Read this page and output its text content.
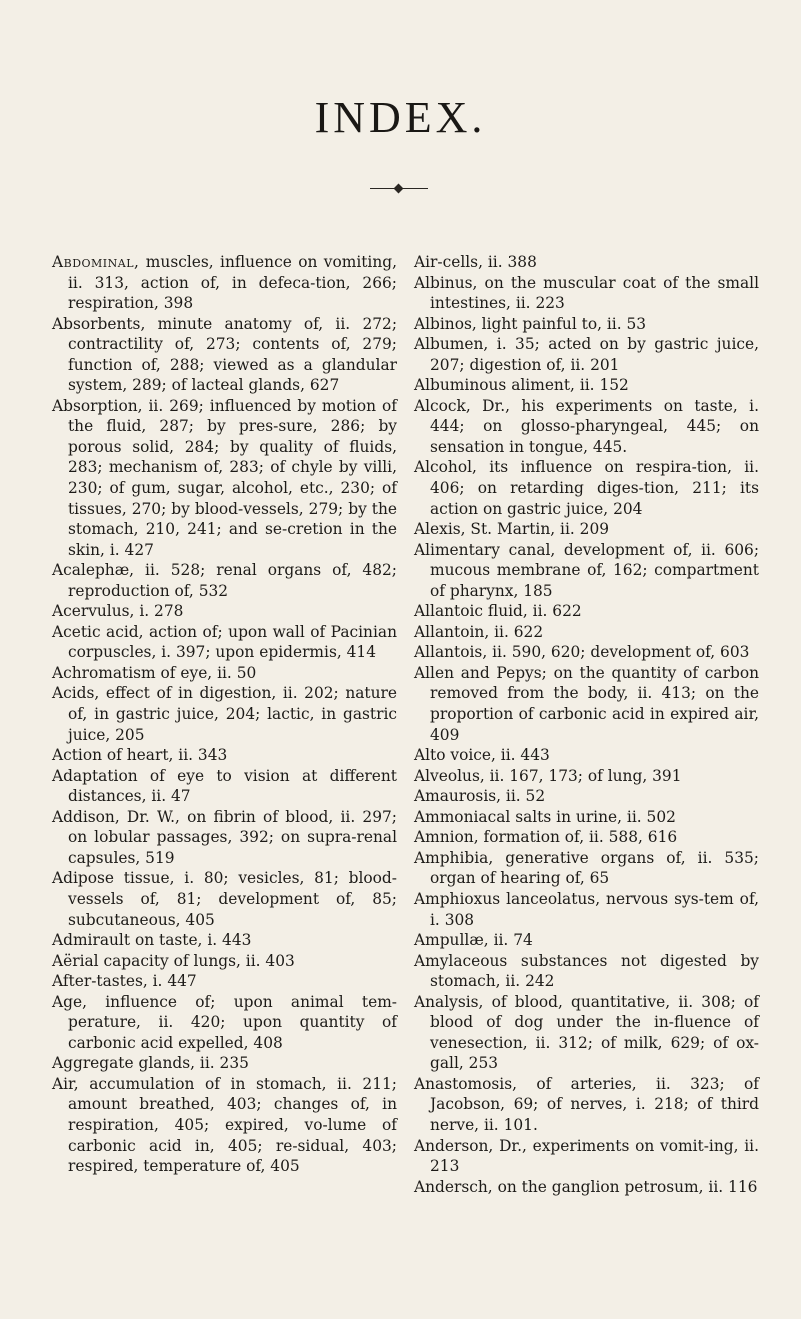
INDEX.

Abdominal, muscles, influence on vomiting, ii. 313, action of, in defeca-tion, 266; respiration, 398

Absorbents, minute anatomy of, ii. 272; contractility of, 273; contents of, 279; function of, 288; viewed as a glandular system, 289; of lacteal glands, 627

Absorption, ii. 269; influenced by motion of the fluid, 287; by pres-sure, 286; by porous solid, 284; by quality of fluids, 283; mechanism of, 283; of chyle by villi, 230; of gum, sugar, alcohol, etc., 230; of tissues, 270; by blood-vessels, 279; by the stomach, 210, 241; and se-cretion in the skin, i. 427

Acalephæ, ii. 528; renal organs of, 482; reproduction of, 532

Acervulus, i. 278

Acetic acid, action of; upon wall of Pacinian corpuscles, i. 397; upon epidermis, 414

Achromatism of eye, ii. 50

Acids, effect of in digestion, ii. 202; nature of, in gastric juice, 204; lactic, in gastric juice, 205

Action of heart, ii. 343

Adaptation of eye to vision at different distances, ii. 47

Addison, Dr. W., on fibrin of blood, ii. 297; on lobular passages, 392; on supra-renal capsules, 519

Adipose tissue, i. 80; vesicles, 81; blood-vessels of, 81; development of, 85; subcutaneous, 405

Admirault on taste, i. 443

Aërial capacity of lungs, ii. 403

After-tastes, i. 447

Age, influence of; upon animal tem-perature, ii. 420; upon quantity of carbonic acid expelled, 408

Aggregate glands, ii. 235

Air, accumulation of in stomach, ii. 211; amount breathed, 403; changes of, in respiration, 405; expired, vo-lume of carbonic acid in, 405; re-sidual, 403; respired, temperature of, 405

Air-cells, ii. 388

Albinus, on the muscular coat of the small intestines, ii. 223

Albinos, light painful to, ii. 53

Albumen, i. 35; acted on by gastric juice, 207; digestion of, ii. 201

Albuminous aliment, ii. 152

Alcock, Dr., his experiments on taste, i. 444; on glosso-pharyngeal, 445; on sensation in tongue, 445.

Alcohol, its influence on respira-tion, ii. 406; on retarding diges-tion, 211; its action on gastric juice, 204

Alexis, St. Martin, ii. 209

Alimentary canal, development of, ii. 606; mucous membrane of, 162; compartment of pharynx, 185

Allantoic fluid, ii. 622

Allantoin, ii. 622

Allantois, ii. 590, 620; development of, 603

Allen and Pepys; on the quantity of carbon removed from the body, ii. 413; on the proportion of carbonic acid in expired air, 409

Alto voice, ii. 443

Alveolus, ii. 167, 173; of lung, 391

Amaurosis, ii. 52

Ammoniacal salts in urine, ii. 502

Amnion, formation of, ii. 588, 616

Amphibia, generative organs of, ii. 535; organ of hearing of, 65

Amphioxus lanceolatus, nervous sys-tem of, i. 308

Ampullæ, ii. 74

Amylaceous substances not digested by stomach, ii. 242

Analysis, of blood, quantitative, ii. 308; of blood of dog under the in-fluence of venesection, ii. 312; of milk, 629; of ox-gall, 253

Anastomosis, of arteries, ii. 323; of Jacobson, 69; of nerves, i. 218; of third nerve, ii. 101.

Anderson, Dr., experiments on vomit-ing, ii. 213

Andersch, on the ganglion petrosum, ii. 116
